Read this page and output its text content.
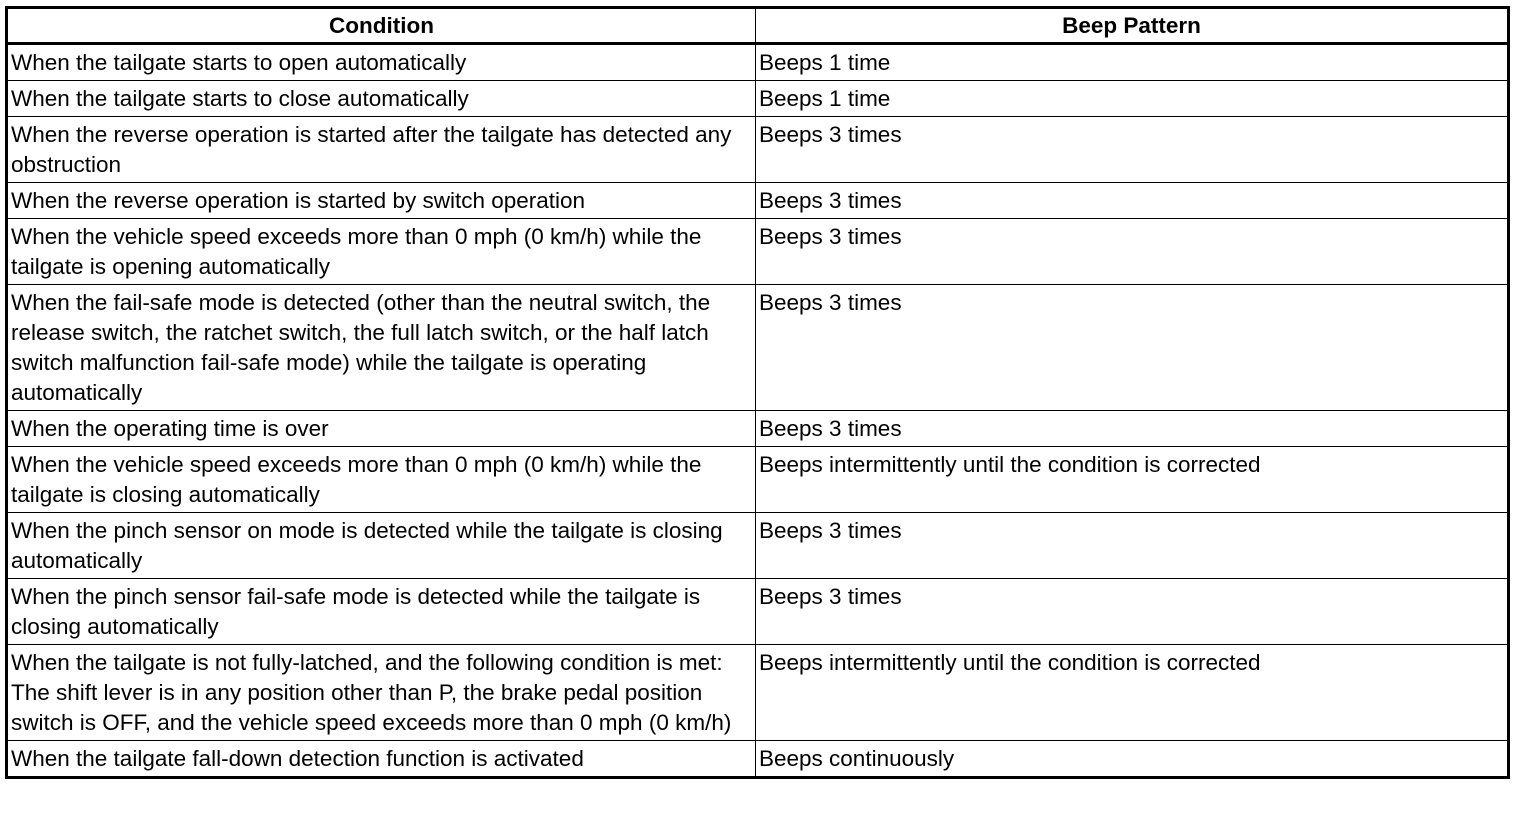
Condition	Beep Pattern
When the tailgate starts to open automatically	Beeps 1 time
When the tailgate starts to close automatically	Beeps 1 time
When the reverse operation is started after the tailgate has detected any obstruction	Beeps 3 times
When the reverse operation is started by switch operation	Beeps 3 times
When the vehicle speed exceeds more than 0 mph (0 km/h) while the tailgate is opening automatically	Beeps 3 times
When the fail-safe mode is detected (other than the neutral switch, the release switch, the ratchet switch, the full latch switch, or the half latch switch malfunction fail-safe mode) while the tailgate is operating automatically	Beeps 3 times
When the operating time is over	Beeps 3 times
When the vehicle speed exceeds more than 0 mph (0 km/h) while the tailgate is closing automatically	Beeps intermittently until the condition is corrected
When the pinch sensor on mode is detected while the tailgate is closing automatically	Beeps 3 times
When the pinch sensor fail-safe mode is detected while the tailgate is closing automatically	Beeps 3 times
When the tailgate is not fully-latched, and the following condition is met: The shift lever is in any position other than P, the brake pedal position switch is OFF, and the vehicle speed exceeds more than 0 mph (0 km/h)	Beeps intermittently until the condition is corrected
When the tailgate fall-down detection function is activated	Beeps continuously
